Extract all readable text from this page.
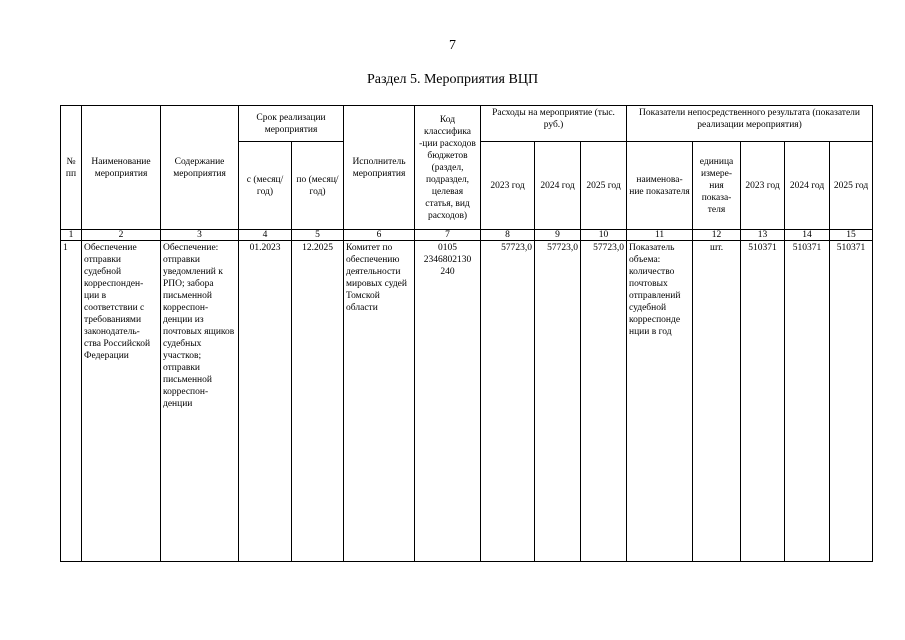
7
Раздел 5. Мероприятия ВЦП
№ пп	Наименование мероприятия	Содержание мероприятия	Срок реализации мероприятия		Исполнитель мероприятия	Код классифика -ции расходов бюджетов (раздел, подраздел, целевая статья, вид расходов)	Расходы на мероприятие (тыс. руб.)			Показатели непосредственного результата (показатели реализации мероприятия)				
			с (месяц/ год)	по (месяц/ год)			2023 год	2024 год	2025 год	наименова- ние показателя	единица измере- ния показа- теля	2023 год	2024 год	2025 год
1	2	3	4	5	6	7	8	9	10	11	12	13	14	15
1	Обеспечение отправки судебной корреспонден- ции в соответствии с требованиями законодатель- ства Российской Федерации	Обеспечение: отправки уведомлений к РПО; забора письменной корреспон- денции из почтовых ящиков судебных участков; отправки письменной корреспон- денции	01.2023	12.2025	Комитет по обеспечению деятельности мировых судей Томской области	0105 2346802130 240	57723,0	57723,0	57723,0	Показатель объема: количество почтовых отправлений судебной корреспонде нции в год	шт.	510371	510371	510371
